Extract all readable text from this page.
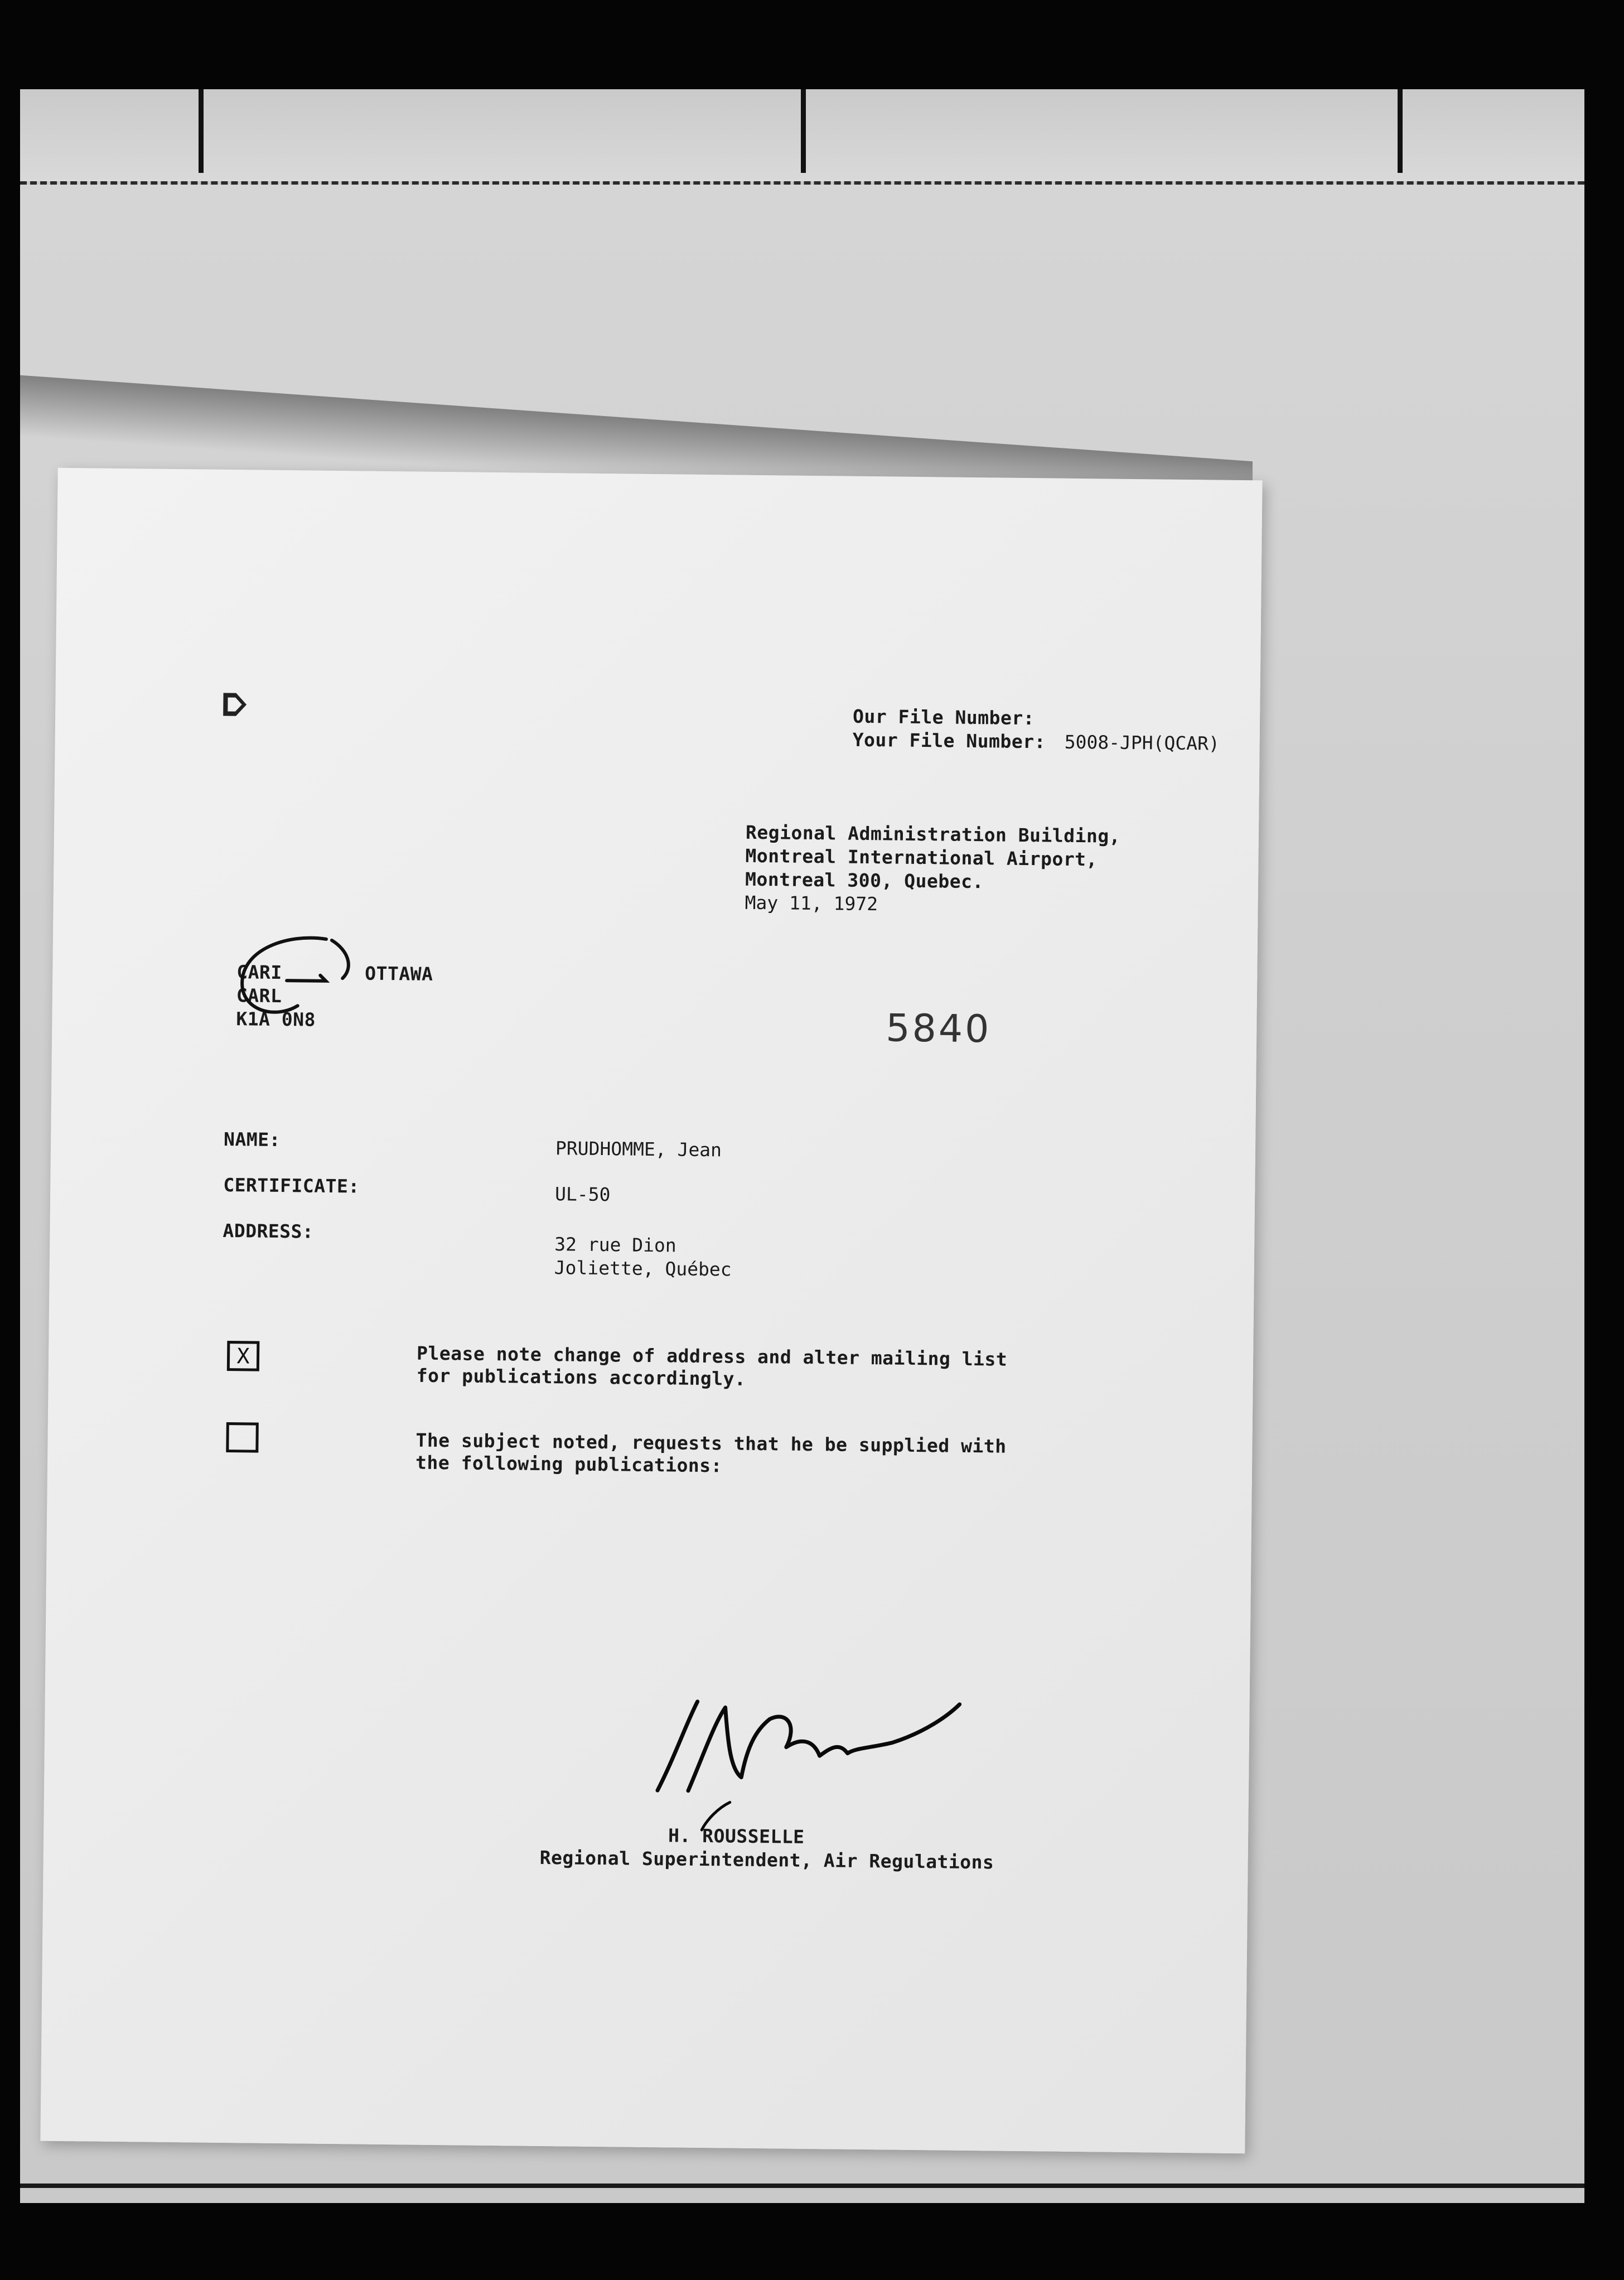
⌂	Our File Number:
Your File Number: 5008-JPH(QCAR)
Regional Administration Building,
Montreal International Airport,
Montreal 300, Quebec.
May 11, 1972
CARI	OTTAWA
CARL
K1A 0N8	5840
NAME:	PRUDHOMME, Jean
CERTIFICATE:	UL-50
ADDRESS:
32 rue Dion
Joliette, Québec
X	Please note change of address and alter mailing list
for publications accordingly.
The subject noted, requests that he be supplied with
the following publications:
H. ROUSSELLE
Regional Superintendent, Air Regulations
